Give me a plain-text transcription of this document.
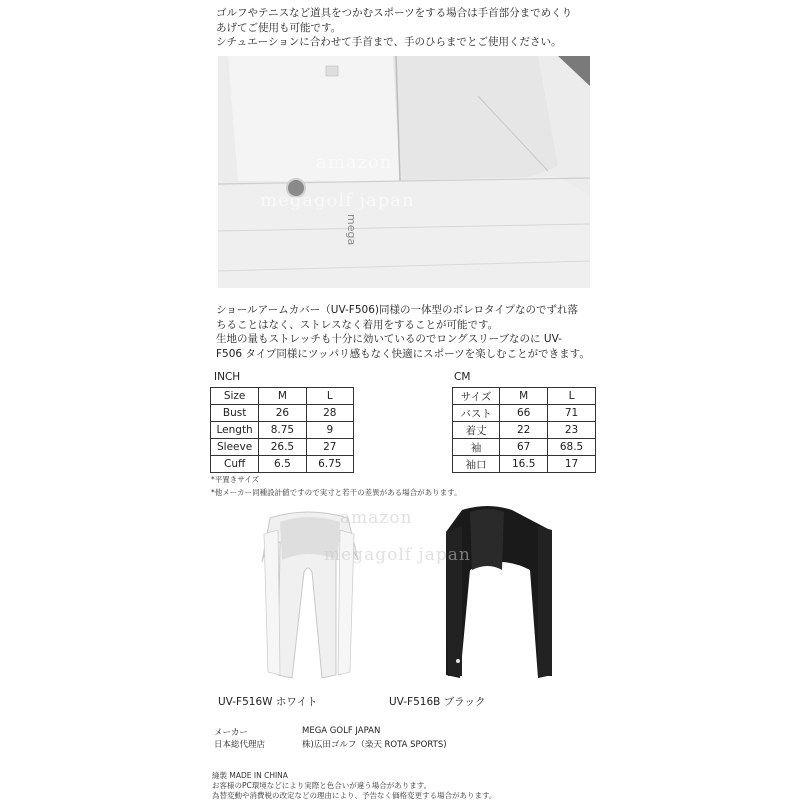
ゴルフやテニスなど道具をつかむスポーツをする場合は手首部分までめくり
あげてご使用も可能です。
シチュエーションに合わせて手首まで、手のひらまでとご使用ください。
mega
amazon
megagolf japan
ショールアームカバー（UV-F506)同様の一体型のボレロタイプなのでずれ落
ちることはなく、ストレスなく着用をすることが可能です。
生地の量もストレッチも十分に効いているのでロングスリーブなのに UV-
F506 タイプ同様にツッパリ感もなく快適にスポーツを楽しむことができます。
INCH
Size	M	L
Bust	26	28
Length	8.75	9
Sleeve	26.5	27
Cuff	6.5	6.75
CM
サイズ	M	L
バスト	66	71
着丈	22	23
袖	67	68.5
袖口	16.5	17
*平置きサイズ
*他メーカー同種設計値ですので実寸と若干の差異がある場合があります。
amazon
megagolf japan
UV-F516W ホワイト	UV-F516B ブラック
メーカー	MEGA GOLF JAPAN
日本総代理店	株)広田ゴルフ（楽天 ROTA SPORTS)
縫製 MADE IN CHINA
お客様のPC環境などにより実際と色合いが違う場合があります。
為替変動や消費税の改定などの理由により、予告なく価格変更する場合があります。
